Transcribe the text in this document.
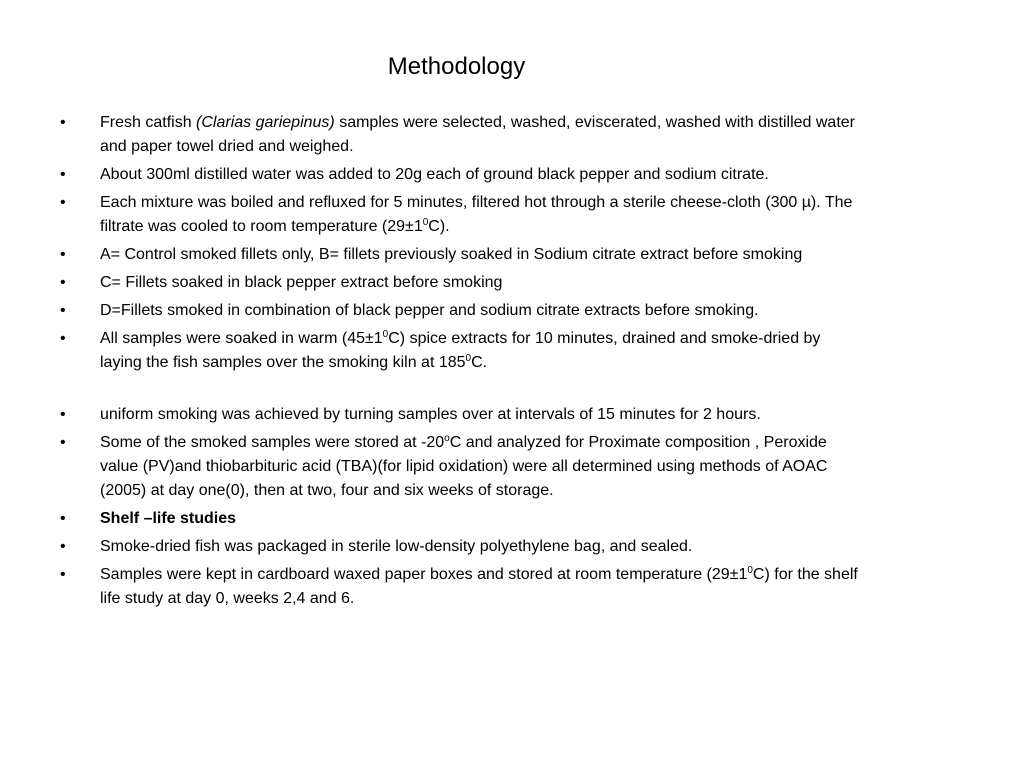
Methodology
• Fresh catfish (Clarias gariepinus) samples were selected, washed, eviscerated, washed with distilled water and paper towel dried and weighed.
• About 300ml distilled water was added to 20g each of ground black pepper and sodium citrate.
• Each mixture was boiled and refluxed for 5 minutes, filtered hot through a sterile cheese-cloth (300 µ). The filtrate was cooled to room temperature $(29\pm 1^0C)$.
• A= Control smoked fillets only, B= fillets previously soaked in Sodium citrate extract before smoking
• C= Fillets soaked in black pepper extract before smoking
• D=Fillets smoked in combination of black pepper and sodium citrate extracts before smoking.
• All samples were soaked in warm $(45\pm 1^0C)$ spice extracts for 10 minutes, drained and smoke-dried by laying the fish samples over the smoking kiln at $185^0C$.
• uniform smoking was achieved by turning samples over at intervals of 15 minutes for 2 hours.
• Some of the smoked samples were stored at -20$^o$C and analyzed for Proximate composition , Peroxide value (PV)and thiobarbituric acid (TBA)(for lipid oxidation) were all determined using methods of AOAC (2005) at day one(0), then at two, four and six weeks of storage.
• Shelf –life studies
• Smoke-dried fish was packaged in sterile low-density polyethylene bag, and sealed.
• Samples were kept in cardboard waxed paper boxes and stored at room temperature $(29\pm 1^0C)$ for the shelf life study at day 0, weeks 2,4 and 6.
